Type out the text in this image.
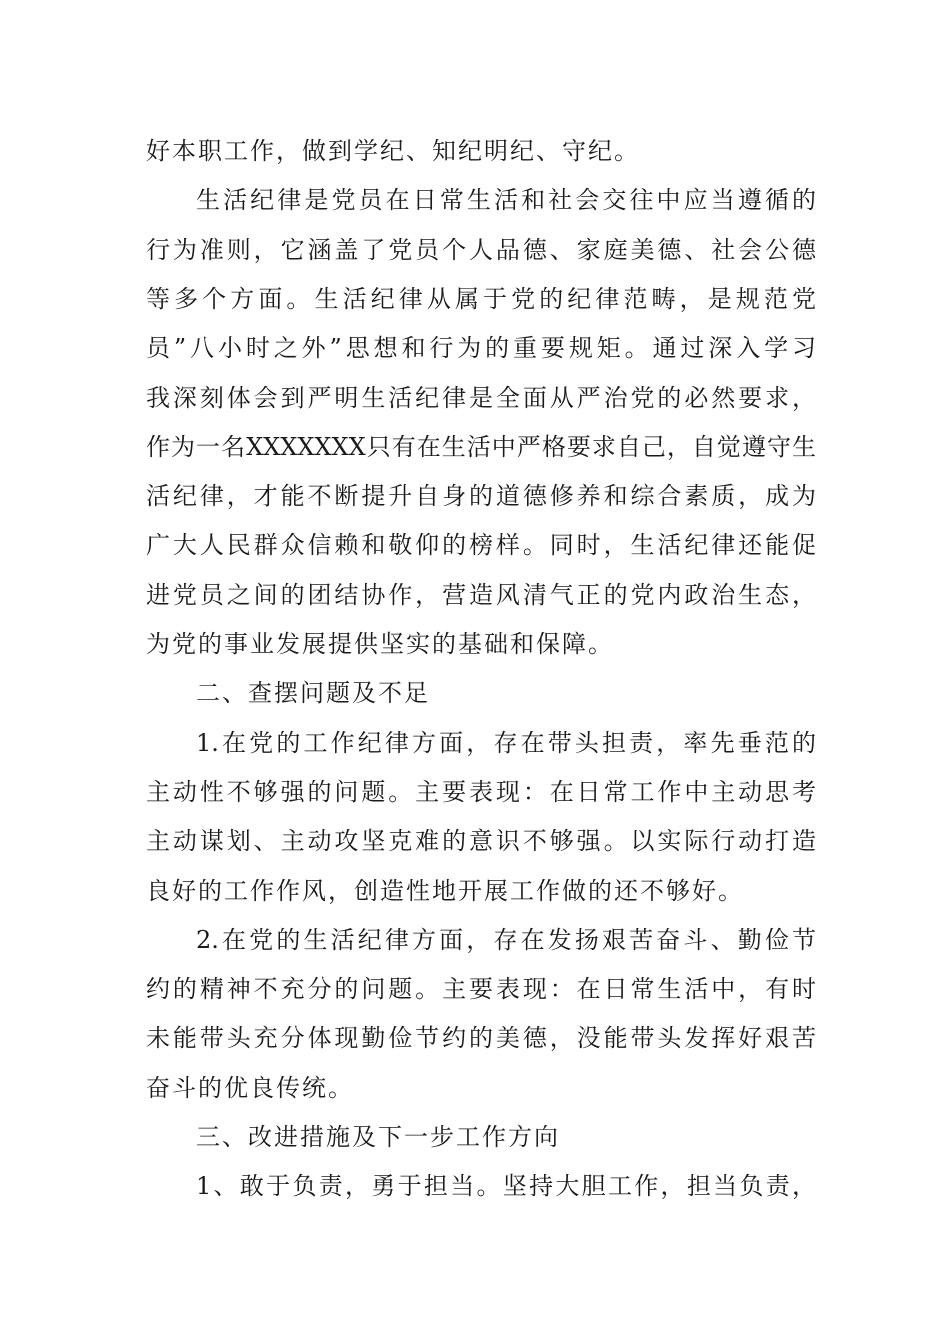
好本职工作，做到学纪、知纪明纪、守纪。
生活纪律是党员在日常生活和社会交往中应当遵循的
行为准则，它涵盖了党员个人品德、家庭美德、社会公德
等多个方面。生活纪律从属于党的纪律范畴，是规范党
员”八小时之外”思想和行为的重要规矩。通过深入学习
我深刻体会到严明生活纪律是全面从严治党的必然要求，
作为一名XXXXXXX只有在生活中严格要求自己，自觉遵守生
活纪律，才能不断提升自身的道德修养和综合素质，成为
广大人民群众信赖和敬仰的榜样。同时，生活纪律还能促
进党员之间的团结协作，营造风清气正的党内政治生态，
为党的事业发展提供坚实的基础和保障。
二、查摆问题及不足
1.在党的工作纪律方面，存在带头担责，率先垂范的
主动性不够强的问题。主要表现：在日常工作中主动思考
主动谋划、主动攻坚克难的意识不够强。以实际行动打造
良好的工作作风，创造性地开展工作做的还不够好。
2.在党的生活纪律方面，存在发扬艰苦奋斗、勤俭节
约的精神不充分的问题。主要表现：在日常生活中，有时
未能带头充分体现勤俭节约的美德，没能带头发挥好艰苦
奋斗的优良传统。
三、改进措施及下一步工作方向
1、敢于负责，勇于担当。坚持大胆工作，担当负责，
